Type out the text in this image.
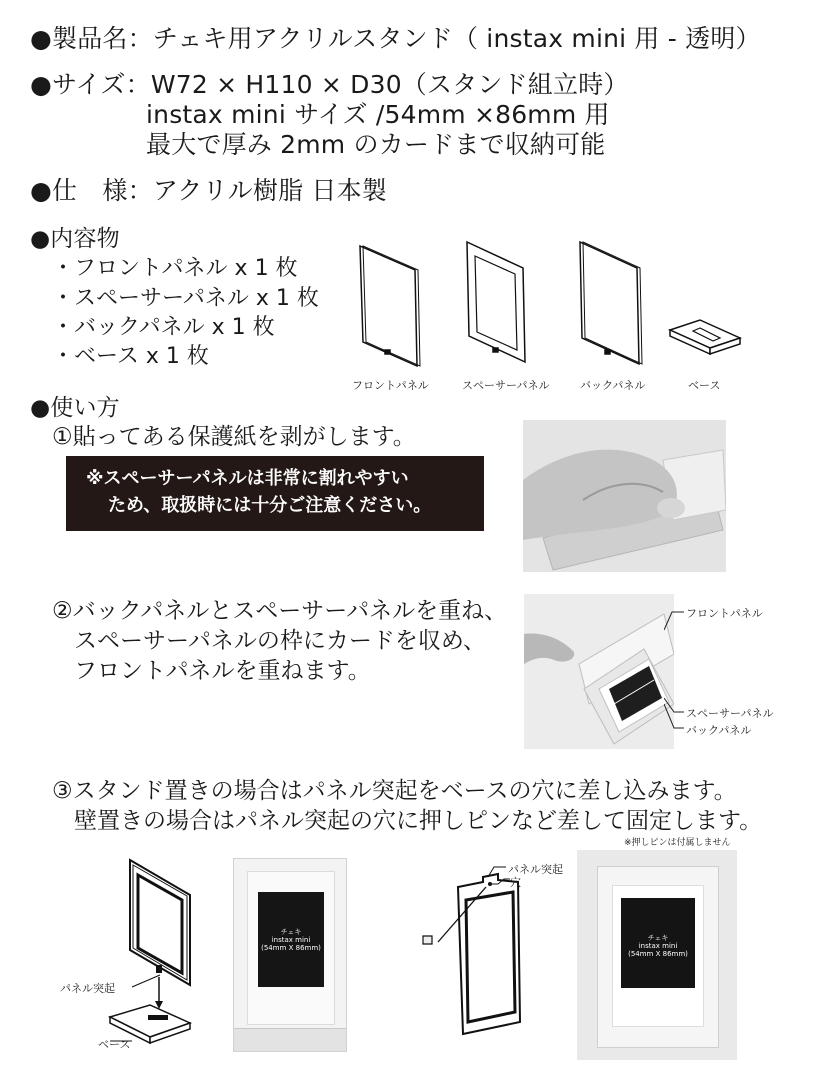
●製品名：チェキ用アクリルスタンド（ instax mini 用 - 透明）
●サイズ：W72 × H110 × D30（スタンド組立時）
instax mini サイズ /54mm ×86mm 用
最大で厚み 2mm のカードまで収納可能
●仕　様：アクリル樹脂 日本製
●内容物
・フロントパネル x 1 枚
・スペーサーパネル x 1 枚
・バックパネル x 1 枚
・ベース x 1 枚
フロントパネル	スペーサーパネル	バックパネル	ベース
●使い方
①貼ってある保護紙を剥がします。
※スペーサーパネルは非常に割れやすい
ため、取扱時には十分ご注意ください。
②バックパネルとスペーサーパネルを重ね、
スペーサーパネルの枠にカードを収め、
フロントパネルを重ねます。
フロントパネル
スペーサーパネル
バックパネル
③スタンド置きの場合はパネル突起をベースの穴に差し込みます。
壁置きの場合はパネル突起の穴に押しピンなど差して固定します。
※押しピンは付属しません
パネル突起
ベース
チェキ
instax mini
(54mm X 86mm)
パネル突起
穴
チェキ
instax mini
(54mm X 86mm)
